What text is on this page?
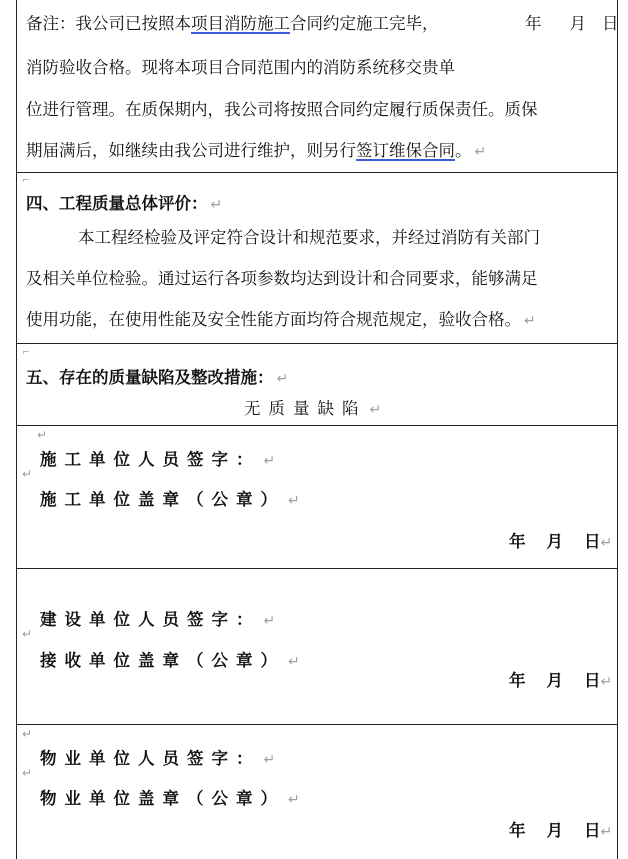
备注：我公司已按照本项目消防施工合同约定施工完毕，	年 月 日
消防验收合格。现将本项目合同范围内的消防系统移交贵单
位进行管理。在质保期内，我公司将按照合同约定履行质保责任。质保
期届满后，如继续由我公司进行维护，则另行签订维保合同。 ↵
⌐
四、工程质量总体评价： ↵
本工程经检验及评定符合设计和规范要求，并经过消防有关部门
及相关单位检验。通过运行各项参数均达到设计和合同要求，能够满足
使用功能，在使用性能及安全性能方面均符合规范规定，验收合格。 ↵
⌐
五、存在的质量缺陷及整改措施： ↵
无质量缺陷 ↵
↵
施工单位人员签字： ↵
↵
施工单位盖章（公章） ↵
年 月 日↵
建设单位人员签字： ↵
↵
接收单位盖章（公章） ↵
年 月 日↵
↵
物业单位人员签字： ↵
↵
物业单位盖章（公章） ↵
年 月 日↵
